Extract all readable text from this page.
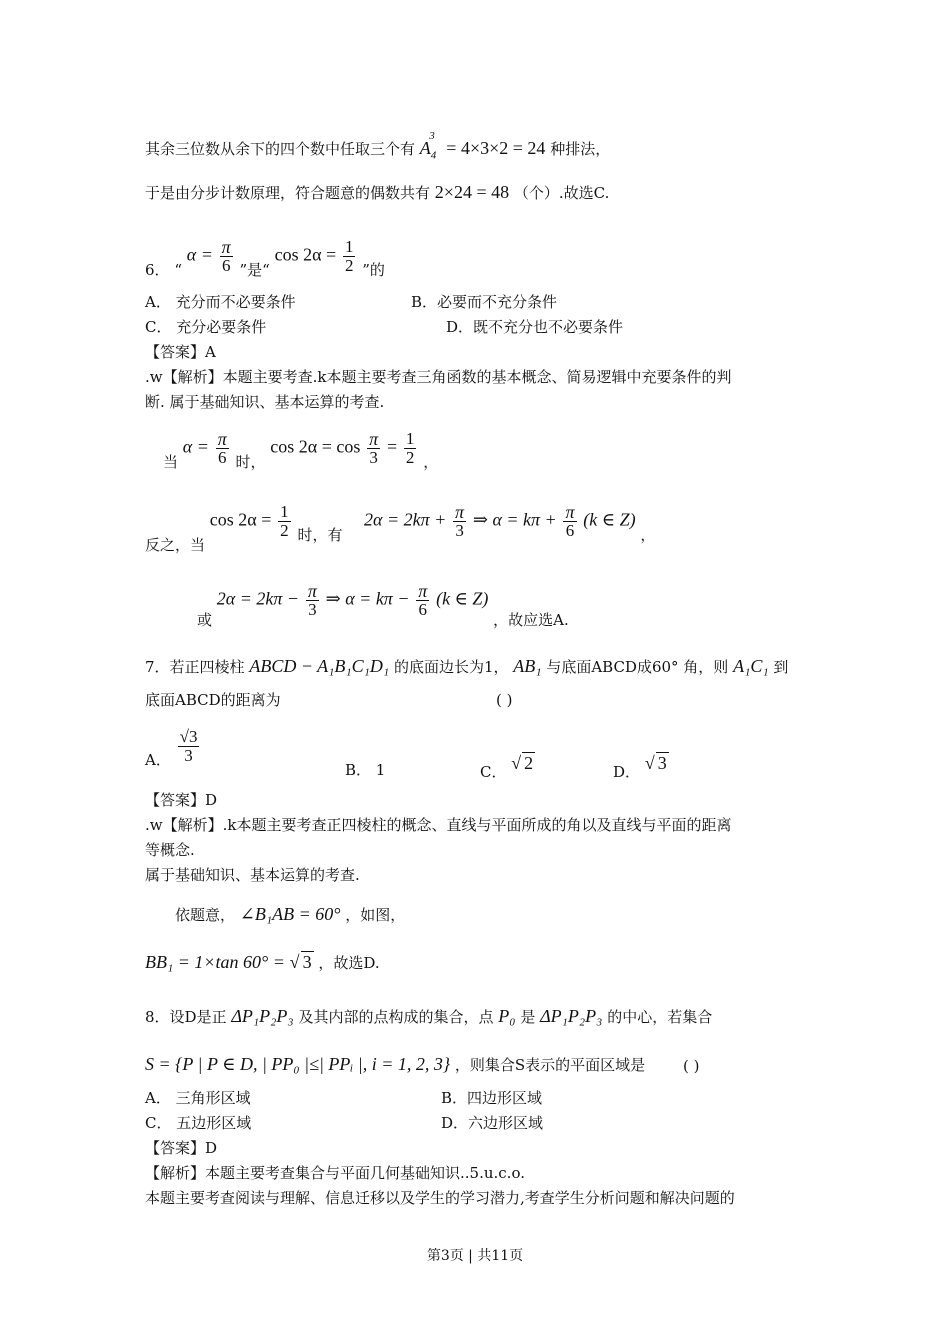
其余三位数从余下的四个数中任取三个有 $A_4^3 = 4\times 3\times 2 = 24$ 种排法，
于是由分步计数原理，符合题意的偶数共有 2×24 = 48 （个）.故选C.
6． “ $\alpha = \frac{\pi}{6}$ ”是“ $\cos 2\alpha = \frac{1}{2}$ ”的
A． 充分而不必要条件	B．必要而不充分条件
C． 充分必要条件	D．既不充分也不必要条件
【答案】A
.w【解析】本题主要考查.k本题主要考查三角函数的基本概念、简易逻辑中充要条件的判
断. 属于基础知识、基本运算的考查.
当 $\alpha = \frac{\pi}{6}$ 时， $\cos 2\alpha = \cos \frac{\pi}{3} = \frac{1}{2}$ ，
反之，当 $\cos 2\alpha = \frac{1}{2}$ 时，有  $2\alpha = 2k\pi + \frac{\pi}{3}$ ⇒ $\alpha = k\pi + \frac{\pi}{6} (k$ ∈ Z) ，
或 $2\alpha = 2k\pi - \frac{\pi}{3}$ ⇒ $\alpha = k\pi - \frac{\pi}{6} (k$ ∈ Z) ，故应选A.
7．若正四棱柱 ABCD − A₁B₁C₁D₁ 的底面边长为1， AB₁ 与底面ABCD成60° 角，则 A₁C₁ 到
底面ABCD的距离为	( )
A． $\frac{√3}{3}$
B． 1	C． √ 2	D． √ 3
【答案】D
.w【解析】.k本题主要考查正四棱柱的概念、直线与平面所成的角以及直线与平面的距离
等概念.
属于基础知识、基本运算的考查.
依题意， ∠B₁AB = 60° ，如图，
BB₁ = 1×tan 60° = √ 3 ，故选D.
8．设D是正 ΔP₁P₂P₃ 及其内部的点构成的集合，点 P₀ 是 ΔP₁P₂P₃ 的中心，若集合
S = {P | P ∈ D, | PP₀ |≤| PPᵢ |, i = 1, 2, 3} ，则集合S表示的平面区域是	( )
A． 三角形区域	B．四边形区域
C． 五边形区域	D．六边形区域
【答案】D
【解析】本题主要考查集合与平面几何基础知识..5.u.c.o.
本题主要考查阅读与理解、信息迁移以及学生的学习潜力,考查学生分析问题和解决问题的
第3页 | 共11页
